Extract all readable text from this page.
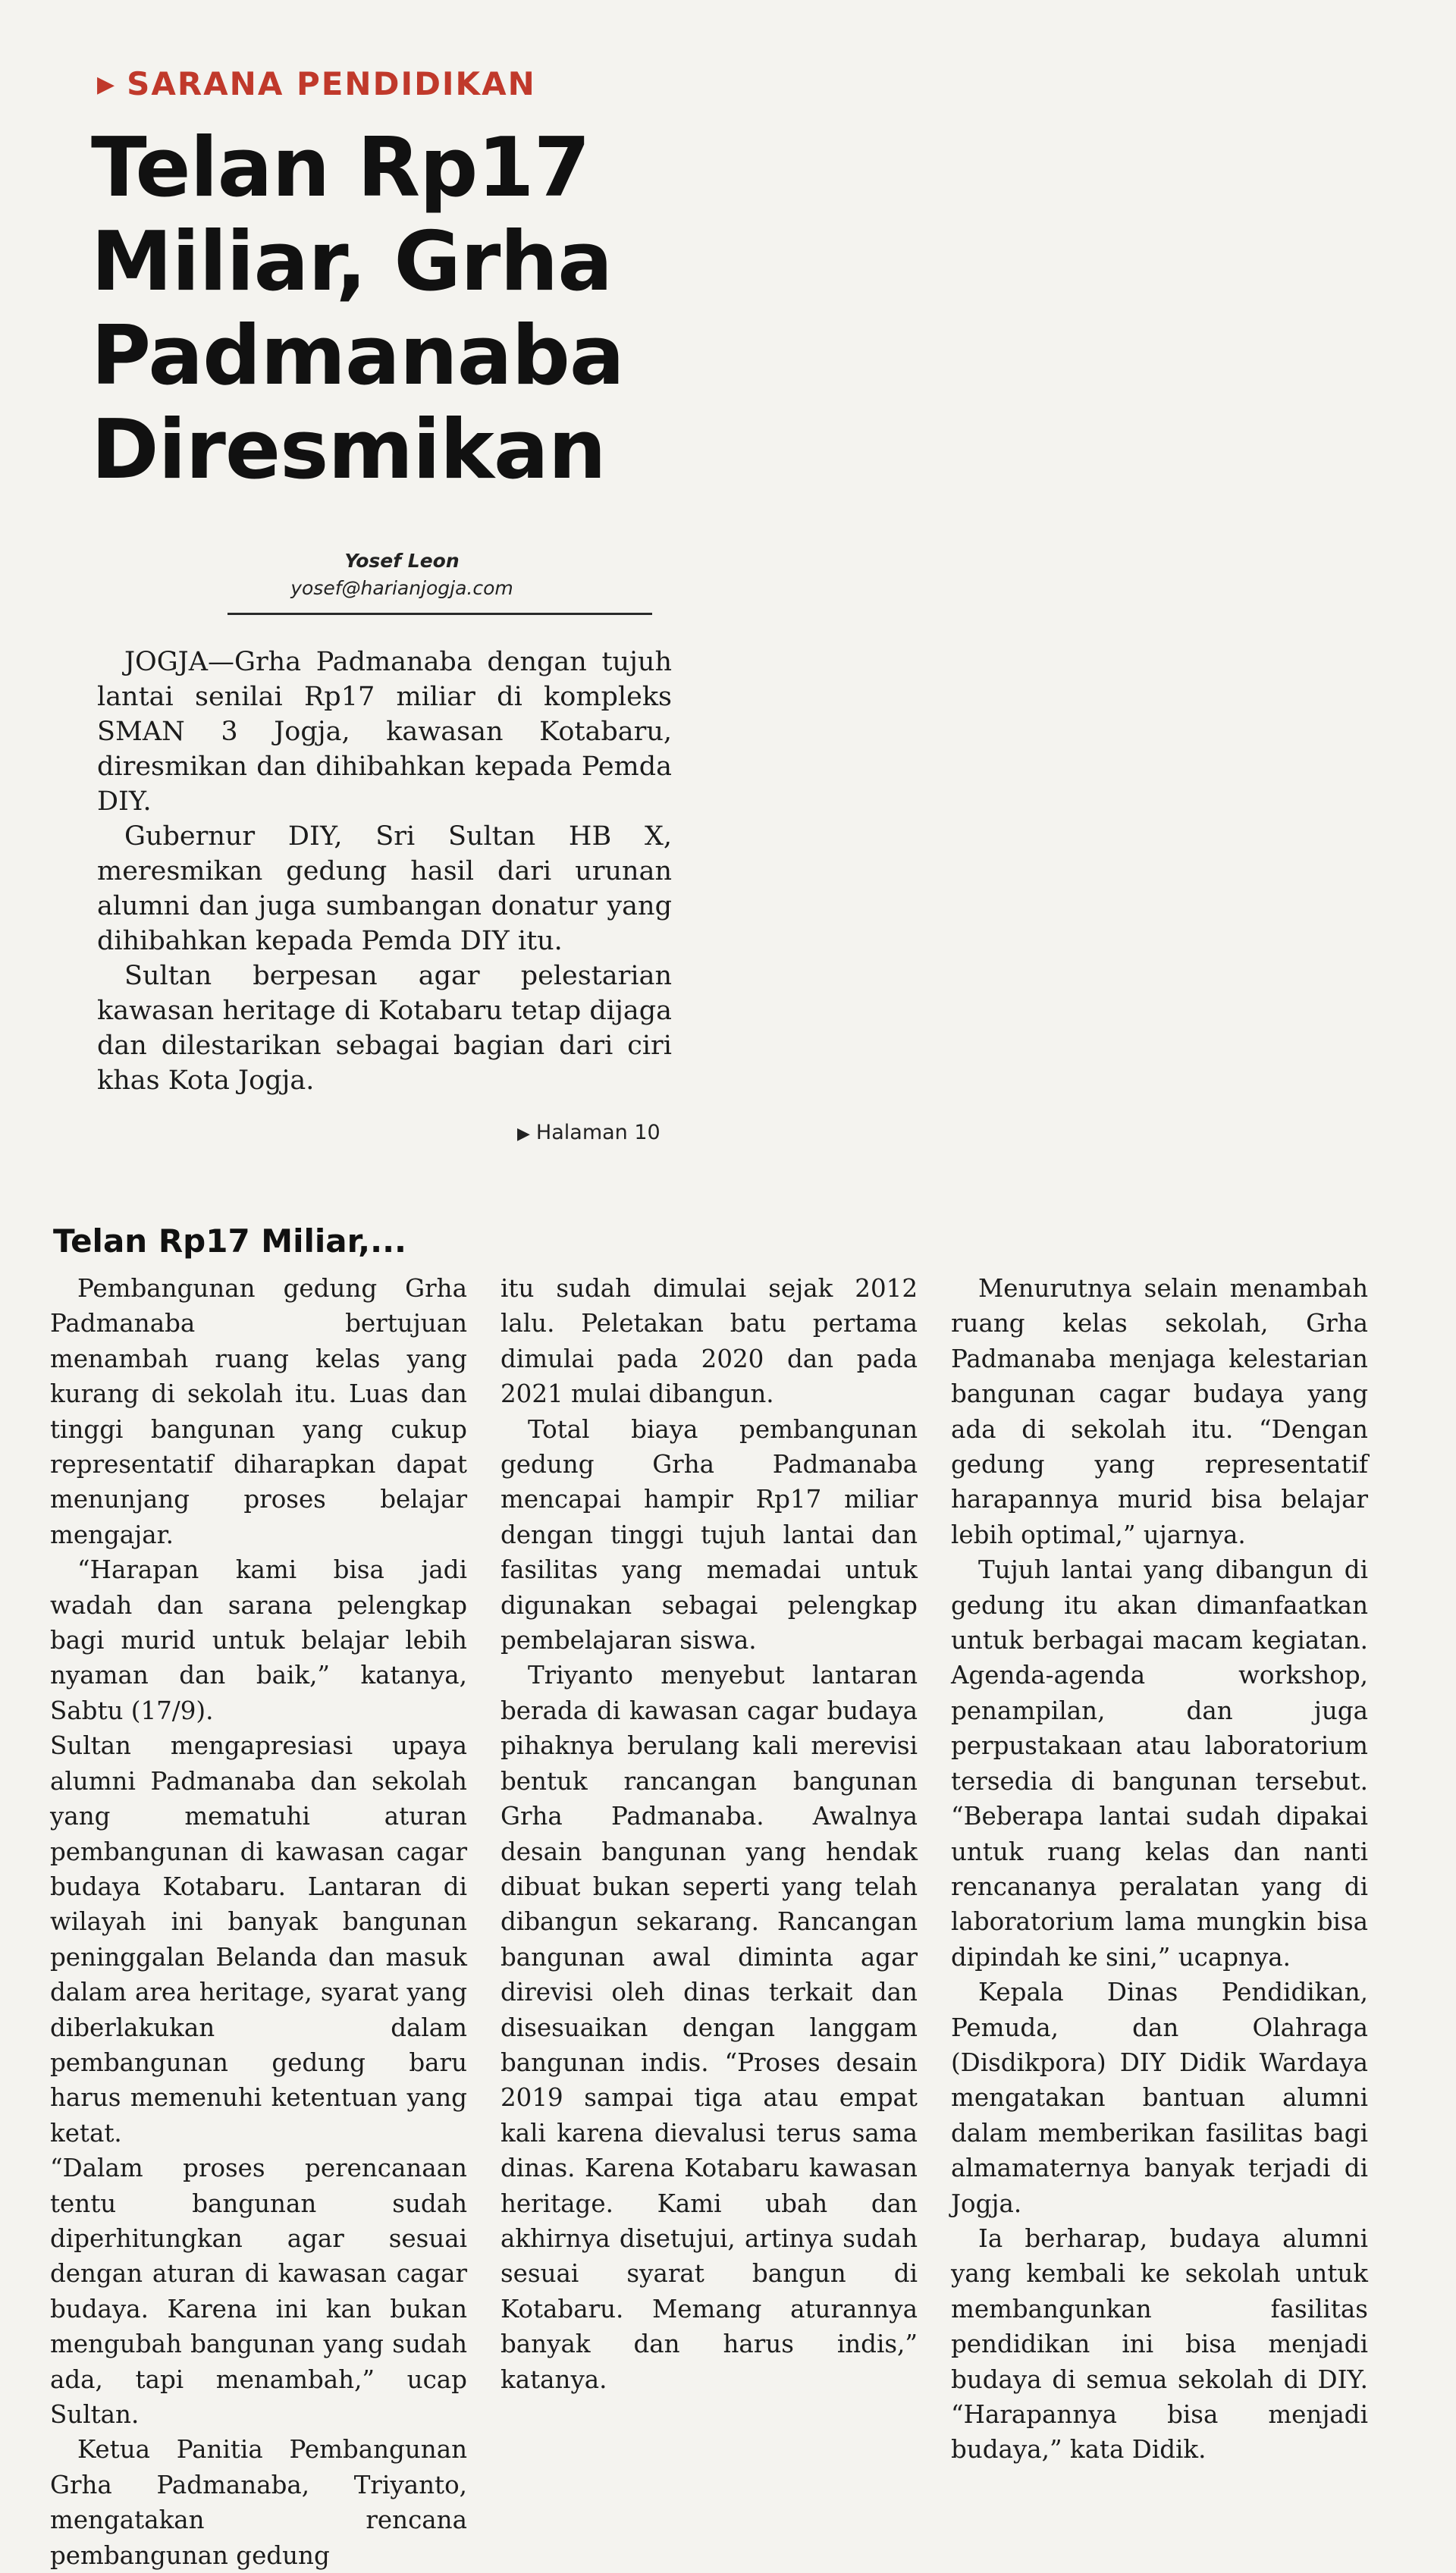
▶ SARANA PENDIDIKAN
Telan Rp17
Miliar, Grha
Padmanaba
Diresmikan
Yosef Leon
yosef@harianjogja.com

JOGJA—Grha Padmanaba dengan tujuh lantai senilai Rp17 miliar di kompleks SMAN 3 Jogja, kawasan Kotabaru, diresmikan dan dihibahkan kepada Pemda DIY.

Gubernur DIY, Sri Sultan HB X, meresmikan gedung hasil dari urunan alumni dan juga sumbangan donatur yang dihibahkan kepada Pemda DIY itu.

Sultan berpesan agar pelestarian kawasan heritage di Kotabaru tetap dijaga dan dilestarikan sebagai bagian dari ciri khas Kota Jogja.

▶ Halaman 10
Telan Rp17 Miliar,...

Pembangunan gedung Grha Padmanaba bertujuan menambah ruang kelas yang kurang di sekolah itu. Luas dan tinggi bangunan yang cukup representatif diharapkan dapat menunjang proses belajar mengajar.

“Harapan kami bisa jadi wadah dan sarana pelengkap bagi murid untuk belajar lebih nyaman dan baik,” katanya, Sabtu (17/9).

Sultan mengapresiasi upaya alumni Padmanaba dan sekolah yang mematuhi aturan pembangunan di kawasan cagar budaya Kotabaru. Lantaran di wilayah ini banyak bangunan peninggalan Belanda dan masuk dalam area heritage, syarat yang diberlakukan dalam pembangunan gedung baru harus memenuhi ketentuan yang ketat.

“Dalam proses perencanaan tentu bangunan sudah diperhitungkan agar sesuai dengan aturan di kawasan cagar budaya. Karena ini kan bukan mengubah bangunan yang sudah ada, tapi menambah,” ucap Sultan.

Ketua Panitia Pembangunan Grha Padmanaba, Triyanto, mengatakan rencana pembangunan gedung

itu sudah dimulai sejak 2012 lalu. Peletakan batu pertama dimulai pada 2020 dan pada 2021 mulai dibangun.

Total biaya pembangunan gedung Grha Padmanaba mencapai hampir Rp17 miliar dengan tinggi tujuh lantai dan fasilitas yang memadai untuk digunakan sebagai pelengkap pembelajaran siswa.

Triyanto menyebut lantaran berada di kawasan cagar budaya pihaknya berulang kali merevisi bentuk rancangan bangunan Grha Padmanaba. Awalnya desain bangunan yang hendak dibuat bukan seperti yang telah dibangun sekarang. Rancangan bangunan awal diminta agar direvisi oleh dinas terkait dan disesuaikan dengan langgam bangunan indis. “Proses desain 2019 sampai tiga atau empat kali karena dievalusi terus sama dinas. Karena Kotabaru kawasan heritage. Kami ubah dan akhirnya disetujui, artinya sudah sesuai syarat bangun di Kotabaru. Memang aturannya banyak dan harus indis,” katanya.

Menurutnya selain menambah ruang kelas sekolah, Grha Padmanaba menjaga kelestarian bangunan cagar budaya yang ada di sekolah itu. “Dengan gedung yang representatif harapannya murid bisa belajar lebih optimal,” ujarnya.

Tujuh lantai yang dibangun di gedung itu akan dimanfaatkan untuk berbagai macam kegiatan. Agenda-agenda workshop, penampilan, dan juga perpustakaan atau laboratorium tersedia di bangunan tersebut. “Beberapa lantai sudah dipakai untuk ruang kelas dan nanti rencananya peralatan yang di laboratorium lama mungkin bisa dipindah ke sini,” ucapnya.

Kepala Dinas Pendidikan, Pemuda, dan Olahraga (Disdikpora) DIY Didik Wardaya mengatakan bantuan alumni dalam memberikan fasilitas bagi almamaternya banyak terjadi di Jogja.

Ia berharap, budaya alumni yang kembali ke sekolah untuk membangunkan fasilitas pendidikan ini bisa menjadi budaya di semua sekolah di DIY. “Harapannya bisa menjadi budaya,” kata Didik.
